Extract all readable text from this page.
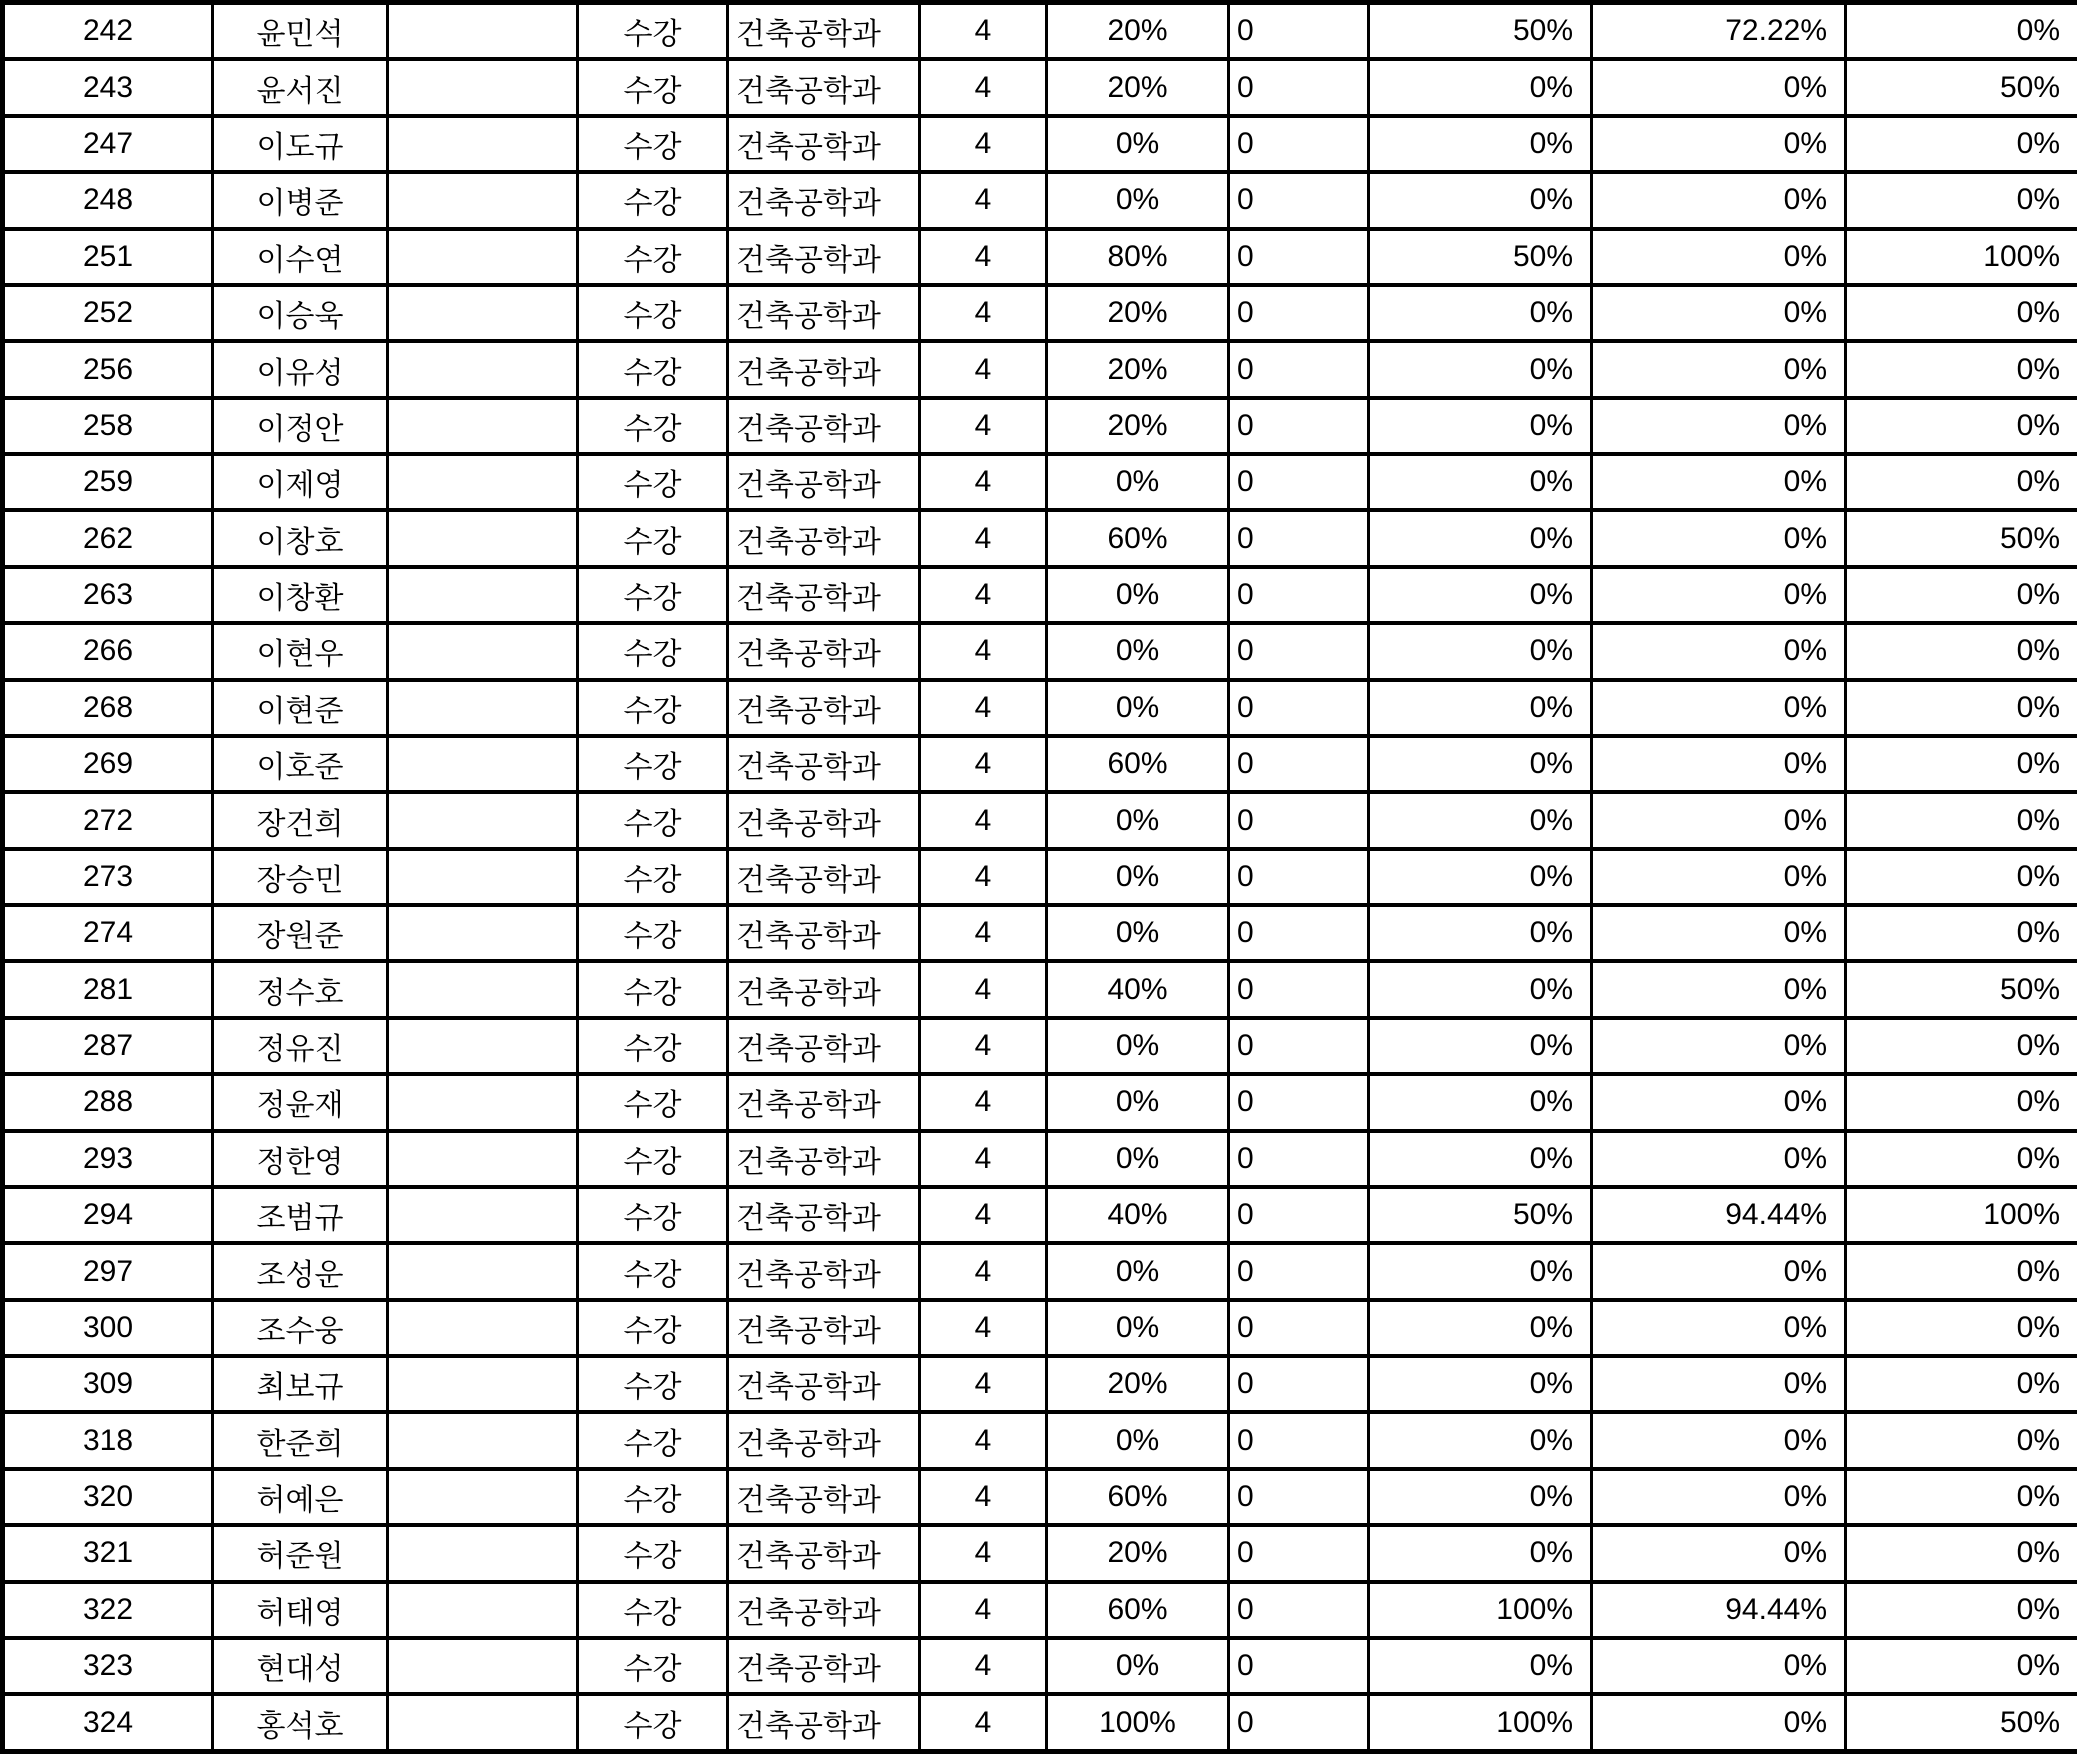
242	윤민석		수강	건축공학과	4	20%	0	50%	72.22%	0%
243	윤서진		수강	건축공학과	4	20%	0	0%	0%	50%
247	이도규		수강	건축공학과	4	0%	0	0%	0%	0%
248	이병준		수강	건축공학과	4	0%	0	0%	0%	0%
251	이수연		수강	건축공학과	4	80%	0	50%	0%	100%
252	이승욱		수강	건축공학과	4	20%	0	0%	0%	0%
256	이유성		수강	건축공학과	4	20%	0	0%	0%	0%
258	이정안		수강	건축공학과	4	20%	0	0%	0%	0%
259	이제영		수강	건축공학과	4	0%	0	0%	0%	0%
262	이창호		수강	건축공학과	4	60%	0	0%	0%	50%
263	이창환		수강	건축공학과	4	0%	0	0%	0%	0%
266	이현우		수강	건축공학과	4	0%	0	0%	0%	0%
268	이현준		수강	건축공학과	4	0%	0	0%	0%	0%
269	이호준		수강	건축공학과	4	60%	0	0%	0%	0%
272	장건희		수강	건축공학과	4	0%	0	0%	0%	0%
273	장승민		수강	건축공학과	4	0%	0	0%	0%	0%
274	장원준		수강	건축공학과	4	0%	0	0%	0%	0%
281	정수호		수강	건축공학과	4	40%	0	0%	0%	50%
287	정유진		수강	건축공학과	4	0%	0	0%	0%	0%
288	정윤재		수강	건축공학과	4	0%	0	0%	0%	0%
293	정한영		수강	건축공학과	4	0%	0	0%	0%	0%
294	조범규		수강	건축공학과	4	40%	0	50%	94.44%	100%
297	조성운		수강	건축공학과	4	0%	0	0%	0%	0%
300	조수웅		수강	건축공학과	4	0%	0	0%	0%	0%
309	최보규		수강	건축공학과	4	20%	0	0%	0%	0%
318	한준희		수강	건축공학과	4	0%	0	0%	0%	0%
320	허예은		수강	건축공학과	4	60%	0	0%	0%	0%
321	허준원		수강	건축공학과	4	20%	0	0%	0%	0%
322	허태영		수강	건축공학과	4	60%	0	100%	94.44%	0%
323	현대성		수강	건축공학과	4	0%	0	0%	0%	0%
324	홍석호		수강	건축공학과	4	100%	0	100%	0%	50%
